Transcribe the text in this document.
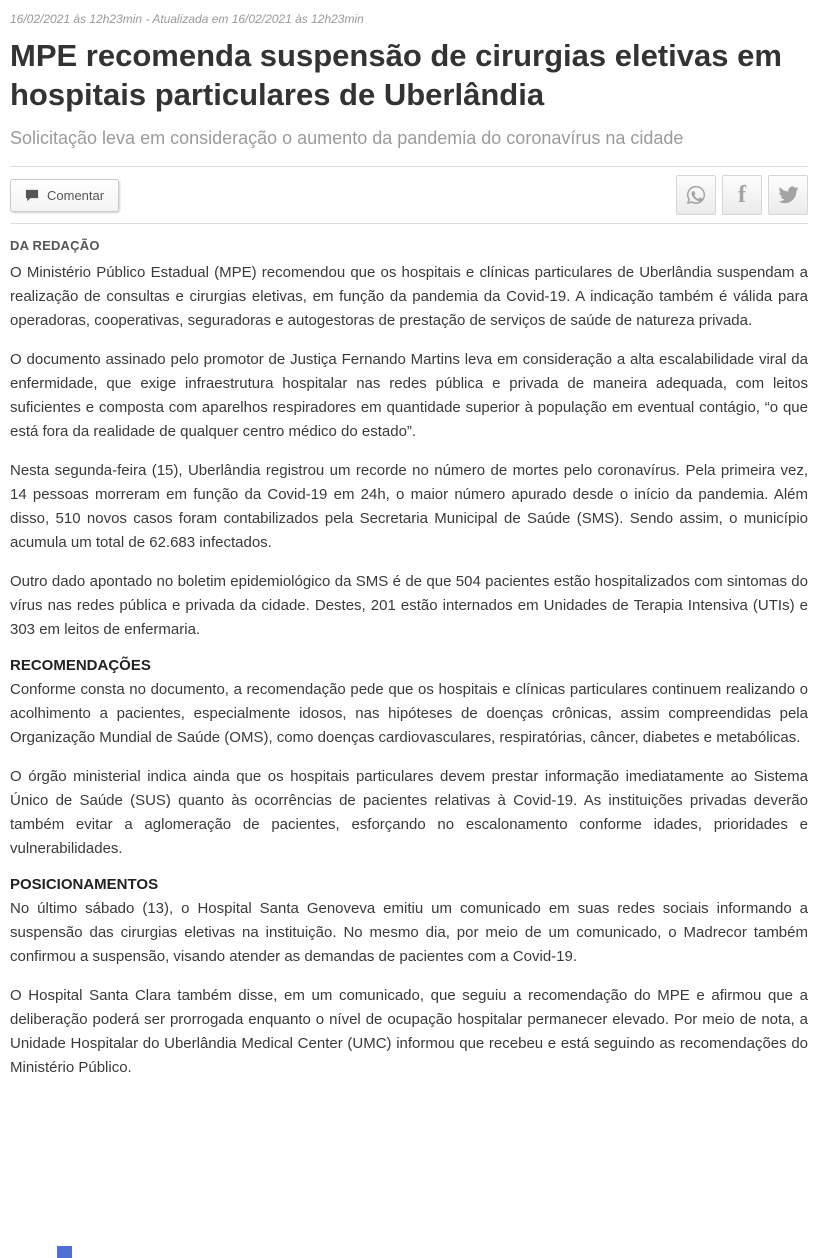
16/02/2021 às 12h23min - Atualizada em 16/02/2021 às 12h23min
MPE recomenda suspensão de cirurgias eletivas em hospitais particulares de Uberlândia
Solicitação leva em consideração o aumento da pandemia do coronavírus na cidade
Comentar	f
DA REDAÇÃO

O Ministério Público Estadual (MPE) recomendou que os hospitais e clínicas particulares de Uberlândia suspendam a realização de consultas e cirurgias eletivas, em função da pandemia da Covid-19. A indicação também é válida para operadoras, cooperativas, seguradoras e autogestoras de prestação de serviços de saúde de natureza privada.

O documento assinado pelo promotor de Justiça Fernando Martins leva em consideração a alta escalabilidade viral da enfermidade, que exige infraestrutura hospitalar nas redes pública e privada de maneira adequada, com leitos suficientes e composta com aparelhos respiradores em quantidade superior à população em eventual contágio, “o que está fora da realidade de qualquer centro médico do estado”.

Nesta segunda-feira (15), Uberlândia registrou um recorde no número de mortes pelo coronavírus. Pela primeira vez, 14 pessoas morreram em função da Covid-19 em 24h, o maior número apurado desde o início da pandemia. Além disso, 510 novos casos foram contabilizados pela Secretaria Municipal de Saúde (SMS). Sendo assim, o município acumula um total de 62.683 infectados.

Outro dado apontado no boletim epidemiológico da SMS é de que 504 pacientes estão hospitalizados com sintomas do vírus nas redes pública e privada da cidade. Destes, 201 estão internados em Unidades de Terapia Intensiva (UTIs) e 303 em leitos de enfermaria.

RECOMENDAÇÕES

Conforme consta no documento, a recomendação pede que os hospitais e clínicas particulares continuem realizando o acolhimento a pacientes, especialmente idosos, nas hipóteses de doenças crônicas, assim compreendidas pela Organização Mundial de Saúde (OMS), como doenças cardiovasculares, respiratórias, câncer, diabetes e metabólicas.

O órgão ministerial indica ainda que os hospitais particulares devem prestar informação imediatamente ao Sistema Único de Saúde (SUS) quanto às ocorrências de pacientes relativas à Covid-19. As instituições privadas deverão também evitar a aglomeração de pacientes, esforçando no escalonamento conforme idades, prioridades e vulnerabilidades.

POSICIONAMENTOS

No último sábado (13), o Hospital Santa Genoveva emitiu um comunicado em suas redes sociais informando a suspensão das cirurgias eletivas na instituição. No mesmo dia, por meio de um comunicado, o Madrecor também confirmou a suspensão, visando atender as demandas de pacientes com a Covid-19.

O Hospital Santa Clara também disse, em um comunicado, que seguiu a recomendação do MPE e afirmou que a deliberação poderá ser prorrogada enquanto o nível de ocupação hospitalar permanecer elevado. Por meio de nota, a Unidade Hospitalar do Uberlândia Medical Center (UMC) informou que recebeu e está seguindo as recomendações do Ministério Público.
